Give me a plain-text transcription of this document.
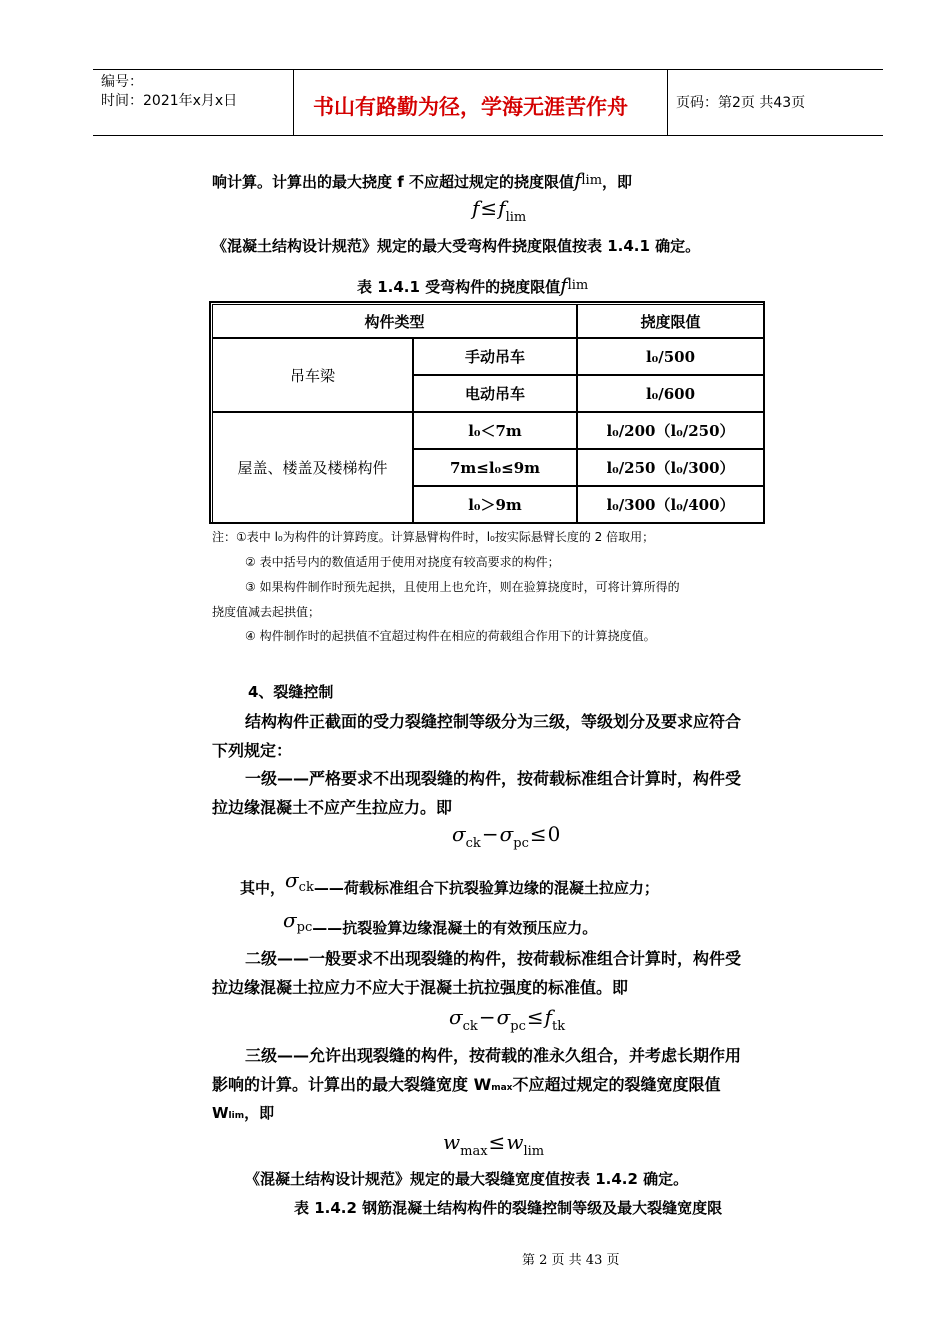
编号：
时间：2021年x月x日	书山有路勤为径，学海无涯苦作舟	页码：第2页 共43页
响计算。计算出的最大挠度 f 不应超过规定的挠度限值flim，即
$f\le f_{lim}$
《混凝土结构设计规范》规定的最大受弯构件挠度限值按表 1.4.1 确定。
表 1.4.1 受弯构件的挠度限值flim
构件类型		挠度限值
吊车梁	手动吊车	l₀/500
	电动吊车	l₀/600
屋盖、楼盖及楼梯构件	l₀＜7m	l₀/200（l₀/250）
	7m≤l₀≤9m	l₀/250（l₀/300）
	l₀＞9m	l₀/300（l₀/400）
注：①表中 l₀为构件的计算跨度。计算悬臂构件时，l₀按实际悬臂长度的 2 倍取用；
② 表中括号内的数值适用于使用对挠度有较高要求的构件；
③ 如果构件制作时预先起拱，且使用上也允许，则在验算挠度时，可将计算所得的
挠度值减去起拱值；
④ 构件制作时的起拱值不宜超过构件在相应的荷载组合作用下的计算挠度值。
4、裂缝控制
结构构件正截面的受力裂缝控制等级分为三级，等级划分及要求应符合
下列规定：
一级——严格要求不出现裂缝的构件，按荷载标准组合计算时，构件受
拉边缘混凝土不应产生拉应力。即
$\sigma_{ck}-\sigma_{pc}\le 0$
其中，σck——荷载标准组合下抗裂验算边缘的混凝土拉应力；
σpc——抗裂验算边缘混凝土的有效预压应力。
二级——一般要求不出现裂缝的构件，按荷载标准组合计算时，构件受
拉边缘混凝土拉应力不应大于混凝土抗拉强度的标准值。即
$\sigma_{ck}-\sigma_{pc}\le f_{tk}$
三级——允许出现裂缝的构件，按荷载的准永久组合，并考虑长期作用
影响的计算。计算出的最大裂缝宽度 Wmax不应超过规定的裂缝宽度限值
Wlim，即
$w_{max}\le w_{lim}$
《混凝土结构设计规范》规定的最大裂缝宽度值按表 1.4.2 确定。
表 1.4.2 钢筋混凝土结构构件的裂缝控制等级及最大裂缝宽度限
第 2 页 共 43 页
